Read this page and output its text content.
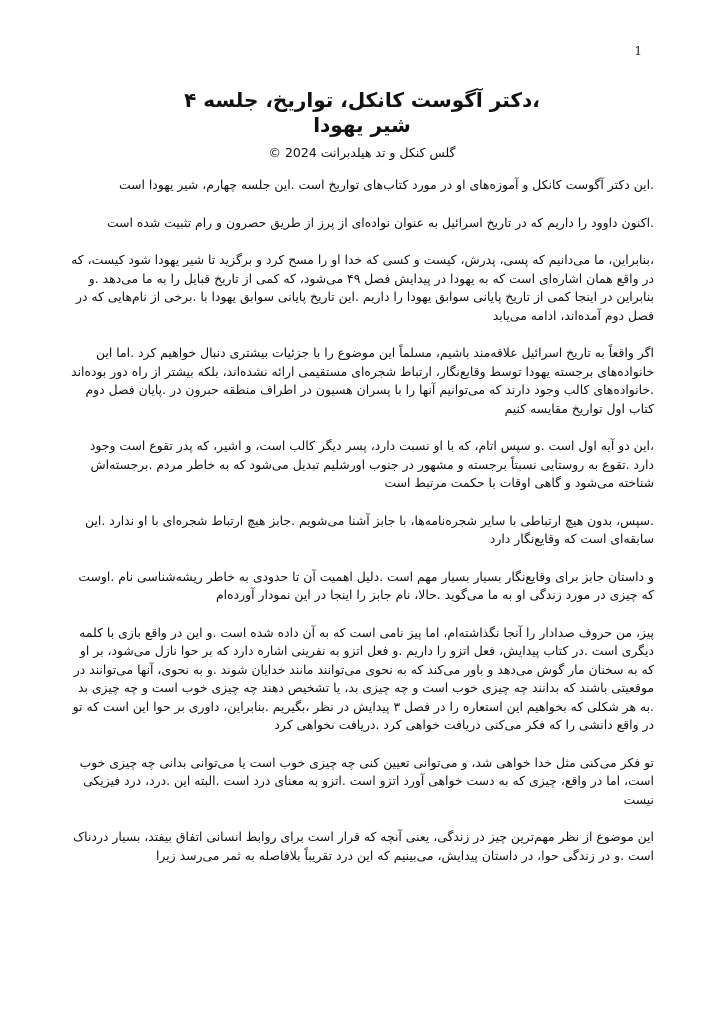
1
،دکتر آگوست کانکل، تواریخ، جلسه ۴
شیر یهودا
گلس کنکل و تد هیلدبرانت 2024 ©

.این دکتر آگوست کانکل و آموزه‌های او در مورد کتاب‌های تواریخ است .این جلسه چهارم، شیر یهودا است

.اکنون داوود را داریم که در تاریخ اسرائیل به عنوان نواده‌ای از پرز از طریق حصرون و رام تثبیت شده است

،بنابراین، ما می‌دانیم که پسی، پدرش، کیست و کسی که خدا او را مسح کرد و برگزید تا شیر یهودا شود کیست، که در واقع همان اشاره‌ای است که به یهودا در پیدایش فصل ۴۹ می‌شود، که کمی از تاریخ قبایل را به ما می‌دهد .و بنابراین در اینجا کمی از تاریخ پایانی سوابق یهودا را داریم .این تاریخ پایانی سوابق یهودا با .برخی از نام‌هایی که در فصل دوم آمده‌اند، ادامه می‌یابد

اگر واقعاً به تاریخ اسرائیل علاقه‌مند باشیم، مسلماً این موضوع را با جزئیات بیشتری دنبال خواهیم کرد .اما این خانواده‌های برجسته یهودا توسط وقایع‌نگار، ارتباط شجره‌ای مستقیمی ارائه نشده‌اند، بلکه بیشتر از راه دور بوده‌اند .خانواده‌های کالب وجود دارند که می‌توانیم آنها را با پسران هسیون در اطراف منطقه حبرون در .پایان فصل دوم کتاب اول تواریخ مقایسه کنیم

،این دو آیه اول است .و سپس اتام، که با او نسبت دارد، پسر دیگر کالب است، و اشیر، که پدر تقوع است وجود دارد .تقوع به روستایی نسبتاً برجسته و مشهور در جنوب اورشلیم تبدیل می‌شود که به خاطر مردم .برجسته‌اش شناخته می‌شود و گاهی اوقات با حکمت مرتبط است

.سپس، بدون هیچ ارتباطی با سایر شجره‌نامه‌ها، با جابز آشنا می‌شویم .جابز هیچ ارتباط شجره‌ای با او ندارد .این سابقه‌ای است که وقایع‌نگار دارد

و داستان جابز برای وقایع‌نگار بسیار بسیار مهم است .دلیل اهمیت آن تا حدودی به خاطر ریشه‌شناسی نام .اوست که چیزی در مورد زندگی او به ما می‌گوید .حالا، نام جابز را اینجا در این نمودار آورده‌ام

پیز، من حروف صدادار را آنجا نگذاشته‌ام، اما پیز نامی است که به آن داده شده است .و این در واقع بازی با کلمه دیگری است .در کتاب پیدایش، فعل اتزو را داریم .و فعل اتزو به نفرینی اشاره دارد که بر حوا نازل می‌شود، بر او که به سخنان مار گوش می‌دهد و باور می‌کند که به نحوی می‌توانند مانند خدایان شوند .و به نحوی، آنها می‌توانند در موقعیتی باشند که بدانند چه چیزی خوب است و چه چیزی بد، یا تشخیص دهند چه چیزی خوب است و چه چیزی بد .به هر شکلی که بخواهیم این استعاره را در فصل ۳ پیدایش در نظر ،بگیریم .بنابراین، داوری بر حوا این است که تو در واقع دانشی را که فکر می‌کنی دریافت خواهی کرد .دریافت نخواهی کرد

تو فکر می‌کنی مثل خدا خواهی شد، و می‌توانی تعیین کنی چه چیزی خوب است یا می‌توانی بدانی چه چیزی خوب است، اما در واقع، چیزی که به دست خواهی آورد اتزو است .اتزو به معنای درد است .البته این .درد، درد فیزیکی نیست

این موضوع از نظر مهم‌ترین چیز در زندگی، یعنی آنچه که قرار است برای روابط انسانی اتفاق بیفتد، بسیار دردناک است .و در زندگی حوا، در داستان پیدایش، می‌بینیم که این درد تقریباً بلافاصله به ثمر می‌رسد زیرا
